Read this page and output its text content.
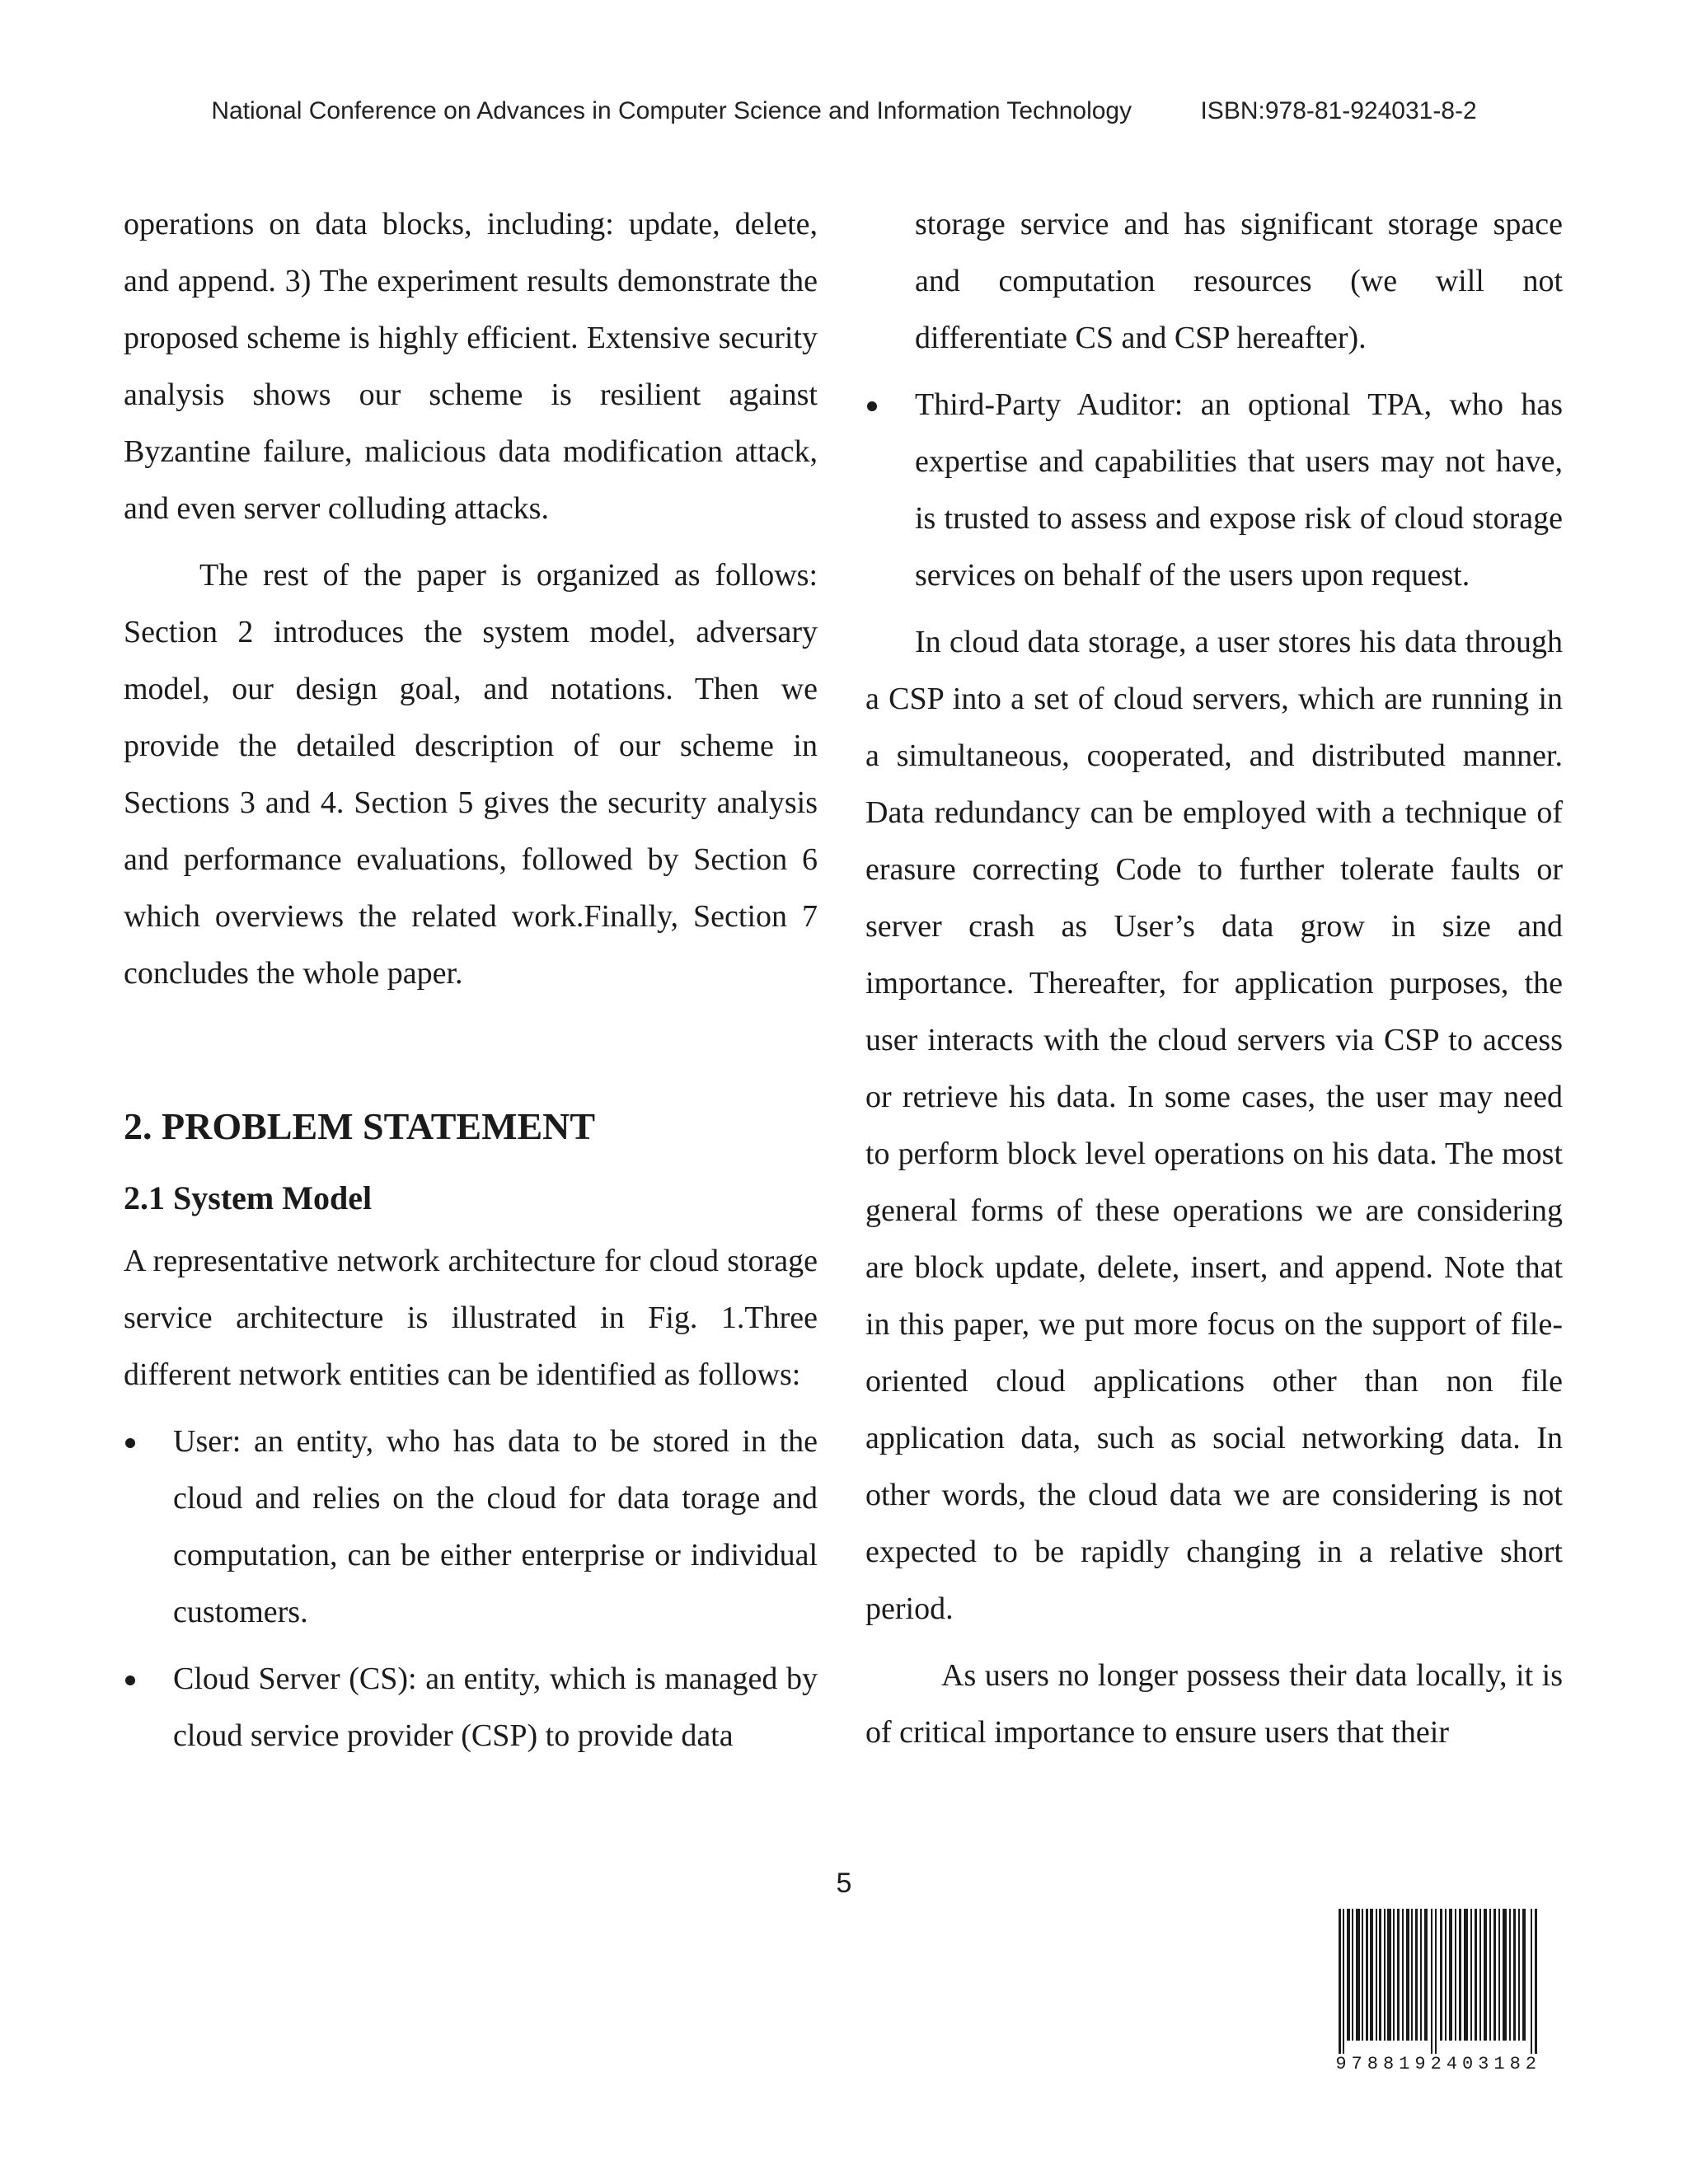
National Conference on Advances in Computer Science and Information Technology	ISBN:978-81-924031-8-2

operations on data blocks, including: update, delete, and append. 3) The experiment results demonstrate the proposed scheme is highly efficient. Extensive security analysis shows our scheme is resilient against Byzantine failure, malicious data modification attack, and even server colluding attacks.

The rest of the paper is organized as follows: Section 2 introduces the system model, adversary model, our design goal, and notations. Then we provide the detailed description of our scheme in Sections 3 and 4. Section 5 gives the security analysis and performance evaluations, followed by Section 6 which overviews the related work.Finally, Section 7 concludes the whole paper.

2. PROBLEM STATEMENT
2.1 System Model

A representative network architecture for cloud storage service architecture is illustrated in Fig. 1.Three different network entities can be identified as follows:

User: an entity, who has data to be stored in the cloud and relies on the cloud for data torage and computation, can be either enterprise or individual customers.
Cloud Server (CS): an entity, which is managed by cloud service provider (CSP) to provide data

storage service and has significant storage space and computation resources (we will not differentiate CS and CSP hereafter).

Third-Party Auditor: an optional TPA, who has expertise and capabilities that users may not have, is trusted to assess and expose risk of cloud storage services on behalf of the users upon request.

In cloud data storage, a user stores his data through a CSP into a set of cloud servers, which are running in a simultaneous, cooperated, and distributed manner. Data redundancy can be employed with a technique of erasure correcting Code to further tolerate faults or server crash as User’s data grow in size and importance. Thereafter, for application purposes, the user interacts with the cloud servers via CSP to access or retrieve his data. In some cases, the user may need to perform block level operations on his data. The most general forms of these operations we are considering are block update, delete, insert, and append. Note that in this paper, we put more focus on the support of file-oriented cloud applications other than non file application data, such as social networking data. In other words, the cloud data we are considering is not expected to be rapidly changing in a relative short period.

As users no longer possess their data locally, it is of critical importance to ensure users that their

5
9788192403182
